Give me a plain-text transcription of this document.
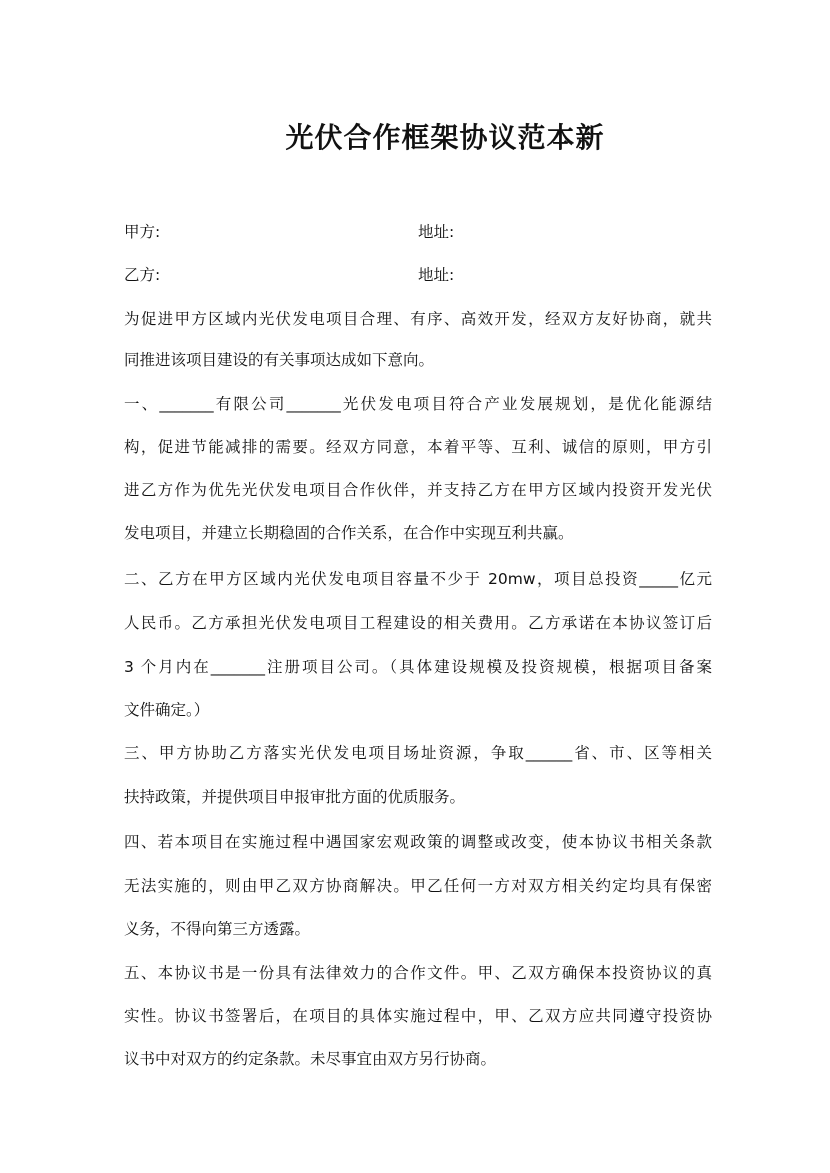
光伏合作框架协议范本新
甲方:	地址:
乙方:	地址:
为促进甲方区域内光伏发电项目合理、有序、高效开发，经双方友好协商，就共
同推进该项目建设的有关事项达成如下意向。
一、_______有限公司_______光伏发电项目符合产业发展规划，是优化能源结
构，促进节能减排的需要。经双方同意，本着平等、互利、诚信的原则，甲方引
进乙方作为优先光伏发电项目合作伙伴，并支持乙方在甲方区域内投资开发光伏
发电项目，并建立长期稳固的合作关系，在合作中实现互利共赢。
二、乙方在甲方区域内光伏发电项目容量不少于 20mw，项目总投资_____亿元
人民币。乙方承担光伏发电项目工程建设的相关费用。乙方承诺在本协议签订后
3 个月内在_______注册项目公司。（具体建设规模及投资规模，根据项目备案
文件确定。）
三、甲方协助乙方落实光伏发电项目场址资源，争取______省、市、区等相关
扶持政策，并提供项目申报审批方面的优质服务。
四、若本项目在实施过程中遇国家宏观政策的调整或改变，使本协议书相关条款
无法实施的，则由甲乙双方协商解决。甲乙任何一方对双方相关约定均具有保密
义务，不得向第三方透露。
五、本协议书是一份具有法律效力的合作文件。甲、乙双方确保本投资协议的真
实性。协议书签署后，在项目的具体实施过程中，甲、乙双方应共同遵守投资协
议书中对双方的约定条款。未尽事宜由双方另行协商。
